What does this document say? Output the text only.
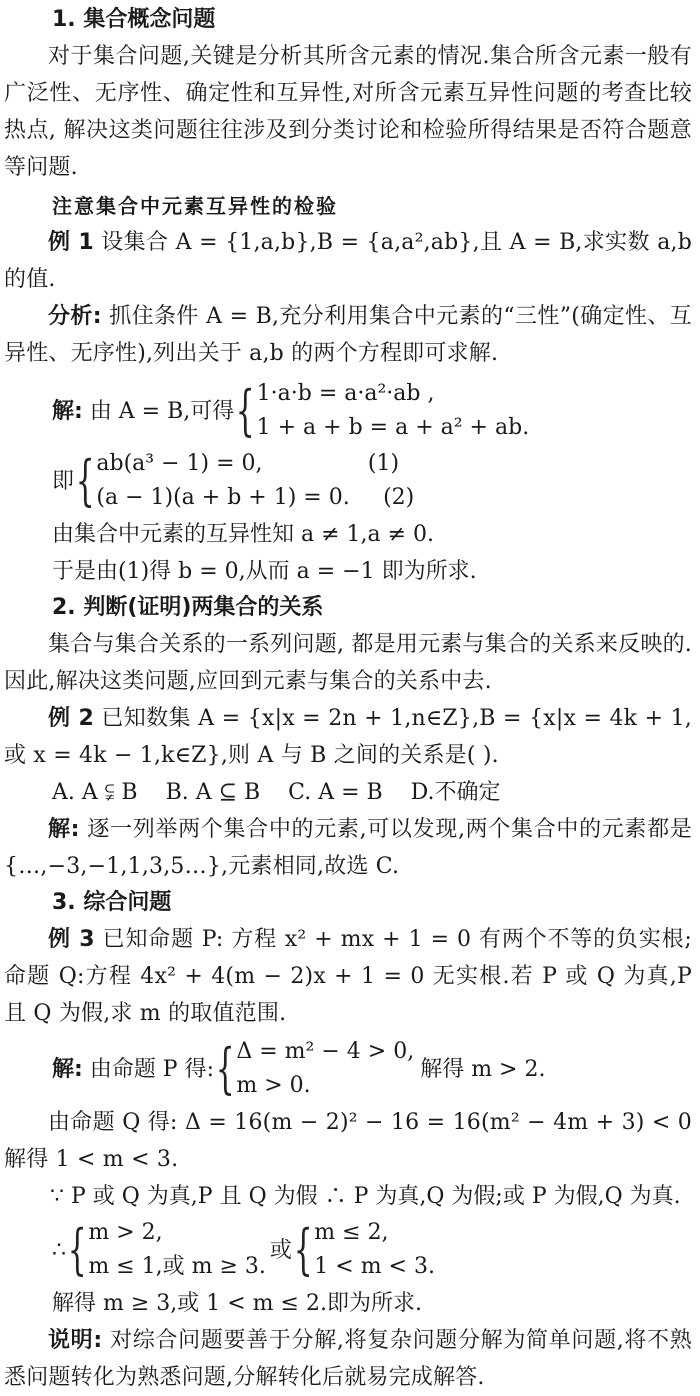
1. 集合概念问题
对于集合问题,关键是分析其所含元素的情况.集合所含元素一般有广泛性、无序性、确定性和互异性,对所含元素互异性问题的考查比较热点, 解决这类问题往往涉及到分类讨论和检验所得结果是否符合题意等问题.
注意集合中元素互异性的检验
例 1 设集合 A = {1,a,b},B = {a,a²,ab},且 A = B,求实数 a,b 的值.
分析: 抓住条件 A = B,充分利用集合中元素的“三性”(确定性、互异性、无序性),列出关于 a,b 的两个方程即可求解.
解:
由 A = B,可得 { 1·a·b = a·a²·ab ,
1 + a + b = a + a² + ab.
即 { ab(a³ − 1) = 0,	(1)
(a − 1)(a + b + 1) = 0. (2)
由集合中元素的互异性知 a ≠ 1,a ≠ 0.
于是由(1)得 b = 0,从而 a = −1 即为所求.
2. 判断(证明)两集合的关系
集合与集合关系的一系列问题, 都是用元素与集合的关系来反映的.因此,解决这类问题,应回到元素与集合的关系中去.
例 2 已知数集 A = {x|x = 2n + 1,n∈Z},B = {x|x = 4k + 1,或 x = 4k − 1,k∈Z},则 A 与 B 之间的关系是( ).
A. A ⫋ B    B. A ⊆ B    C. A = B    D.不确定
解: 逐一列举两个集合中的元素,可以发现,两个集合中的元素都是{…,−3,−1,1,3,5…},元素相同,故选 C.
3. 综合问题
例 3 已知命题 P: 方程 x² + mx + 1 = 0 有两个不等的负实根;命题 Q:方程 4x² + 4(m − 2)x + 1 = 0 无实根.若 P 或 Q 为真,P 且 Q 为假,求 m 的取值范围.
解:
由命题 P 得: { Δ = m² − 4 > 0,
m > 0.
解得 m > 2.
由命题 Q 得: Δ = 16(m − 2)² − 16 = 16(m² − 4m + 3) < 0 解得 1 < m < 3.
∵ P 或 Q 为真,P 且 Q 为假 ∴ P 为真,Q 为假;或 P 为假,Q 为真.
∴ { m > 2,
m ≤ 1,或 m ≥ 3.
或 { m ≤ 2,
1 < m < 3.
解得 m ≥ 3,或 1 < m ≤ 2.即为所求.
说明: 对综合问题要善于分解,将复杂问题分解为简单问题,将不熟悉问题转化为熟悉问题,分解转化后就易完成解答.
